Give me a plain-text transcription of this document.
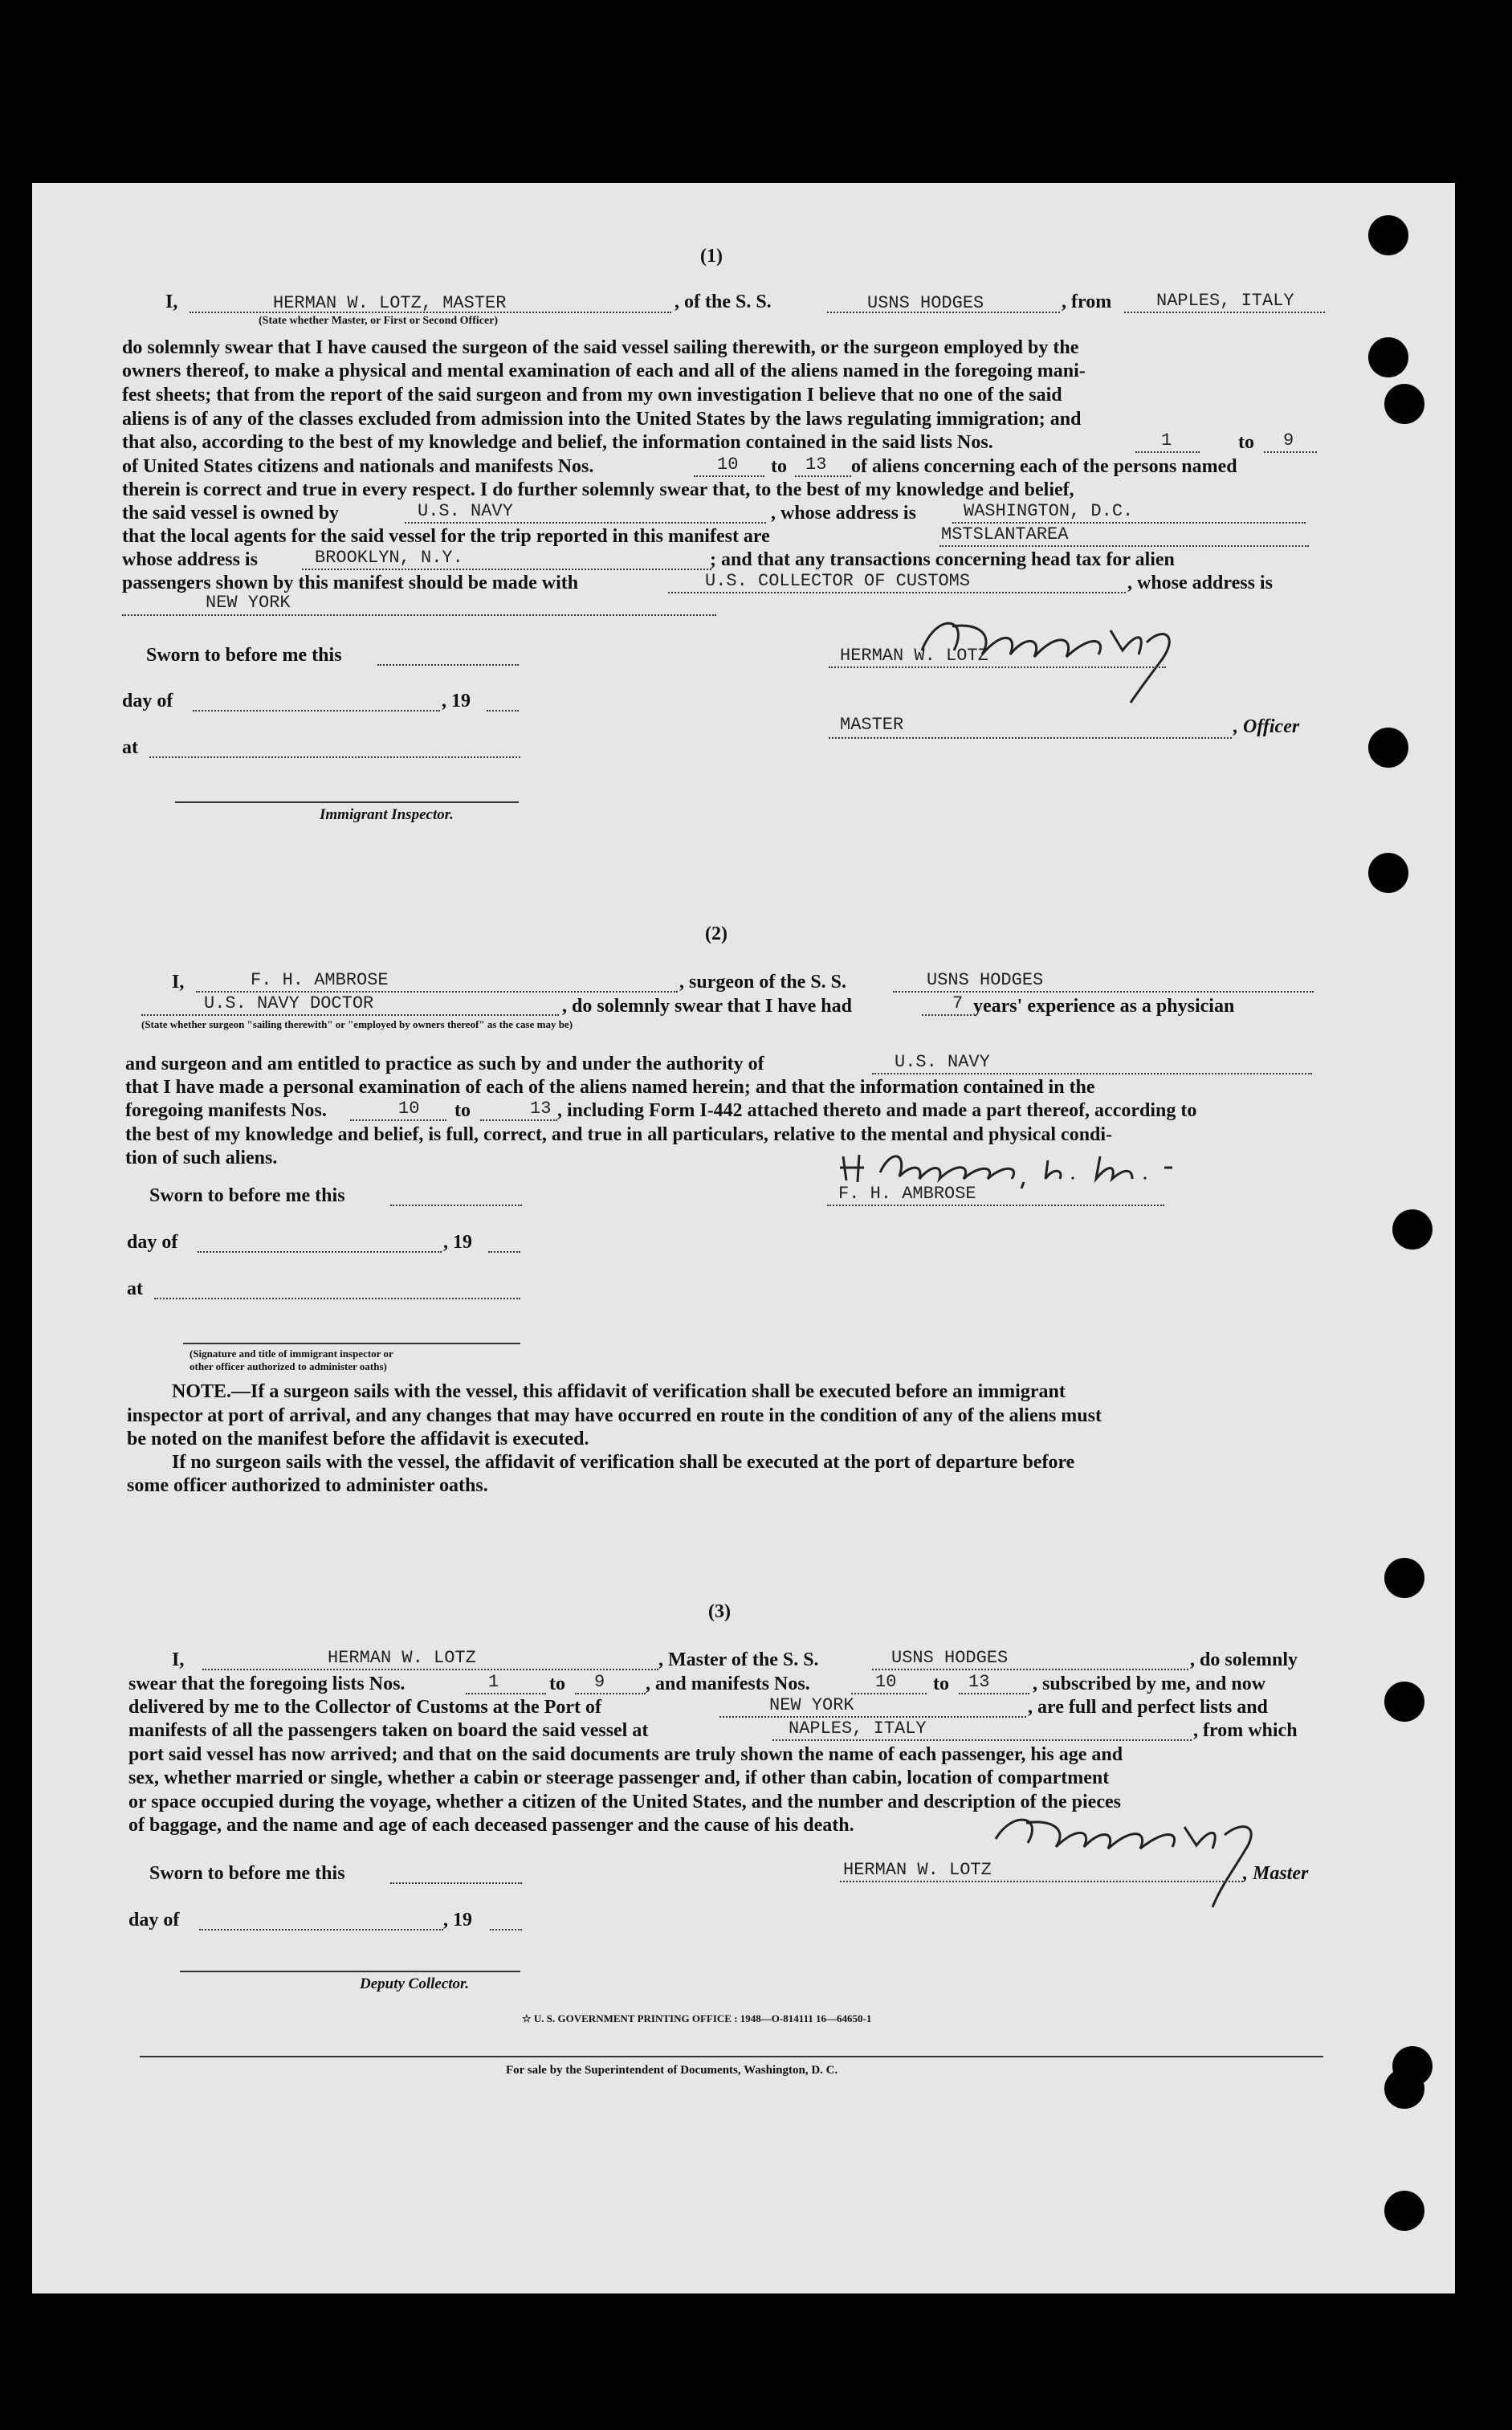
(1)
I,	HERMAN W. LOTZ, MASTER	, of the S. S.	USNS HODGES	, from	NAPLES, ITALY
(State whether Master, or First or Second Officer)
do solemnly swear that I have caused the surgeon of the said vessel sailing therewith, or the surgeon employed by the
owners thereof, to make a physical and mental examination of each and all of the aliens named in the foregoing mani-
fest sheets; that from the report of the said surgeon and from my own investigation I believe that no one of the said
aliens is of any of the classes excluded from admission into the United States by the laws regulating immigration; and
that also, according to the best of my knowledge and belief, the information contained in the said lists Nos.	1	to 9
of United States citizens and nationals and manifests Nos.	10 to 13 of aliens concerning each of the persons named
therein is correct and true in every respect. I do further solemnly swear that, to the best of my knowledge and belief,
the said vessel is owned by	U.S. NAVY	, whose address is	WASHINGTON, D.C.
that the local agents for the said vessel for the trip reported in this manifest are	MSTSLANTAREA
whose address is	BROOKLYN, N.Y.	; and that any transactions concerning head tax for alien
passengers shown by this manifest should be made with	U.S. COLLECTOR OF CUSTOMS	, whose address is
NEW YORK
Sworn to before me this
day of	, 19
at
Immigrant Inspector.
HERMAN W. LOTZ
MASTER	, Officer
(2)
I,	F. H. AMBROSE	, surgeon of the S. S.	USNS HODGES
U.S. NAVY DOCTOR	, do solemnly swear that I have had	7 years' experience as a physician
(State whether surgeon "sailing therewith" or "employed by owners thereof" as the case may be)
and surgeon and am entitled to practice as such by and under the authority of	U.S. NAVY
that I have made a personal examination of each of the aliens named herein; and that the information contained in the
foregoing manifests Nos.	10 to	13 , including Form I-442 attached thereto and made a part thereof, according to
the best of my knowledge and belief, is full, correct, and true in all particulars, relative to the mental and physical condi-
tion of such aliens.
F. H. AMBROSE
Sworn to before me this
day of	, 19
at
(Signature and title of immigrant inspector or
other officer authorized to administer oaths)
NOTE.—If a surgeon sails with the vessel, this affidavit of verification shall be executed before an immigrant
inspector at port of arrival, and any changes that may have occurred en route in the condition of any of the aliens must
be noted on the manifest before the affidavit is executed.
If no surgeon sails with the vessel, the affidavit of verification shall be executed at the port of departure before
some officer authorized to administer oaths.
(3)
I,	HERMAN W. LOTZ	, Master of the S. S.	USNS HODGES	, do solemnly
swear that the foregoing lists Nos.	1	to 9 , and manifests Nos.	10 to 13 , subscribed by me, and now
delivered by me to the Collector of Customs at the Port of	NEW YORK	, are full and perfect lists and
manifests of all the passengers taken on board the said vessel at	NAPLES, ITALY	, from which
port said vessel has now arrived; and that on the said documents are truly shown the name of each passenger, his age and
sex, whether married or single, whether a cabin or steerage passenger and, if other than cabin, location of compartment
or space occupied during the voyage, whether a citizen of the United States, and the number and description of the pieces
of baggage, and the name and age of each deceased passenger and the cause of his death.
HERMAN W. LOTZ	, Master
Sworn to before me this
day of	, 19
Deputy Collector.
☆ U. S. GOVERNMENT PRINTING OFFICE : 1948—O-814111 16—64650-1
For sale by the Superintendent of Documents, Washington, D. C.
